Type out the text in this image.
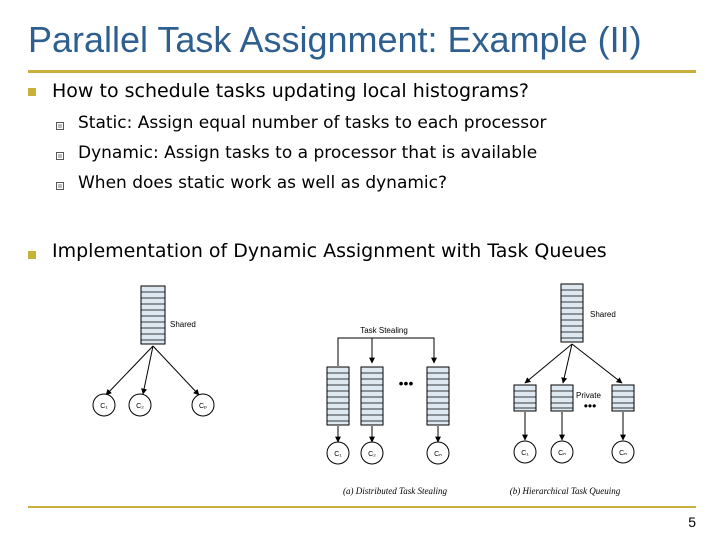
Parallel Task Assignment: Example (II)
How to schedule tasks updating local histograms?
Static: Assign equal number of tasks to each processor
Dynamic: Assign tasks to a processor that is available
When does static work as well as dynamic?
Implementation of Dynamic Assignment with Task Queues
Shared
C₁	C₂	Cₚ
Task Stealing
•••
C₁	C₂	Cₙ
(a) Distributed Task Stealing
Shared
Private
•••
C₁	Cₙ	Cₙ
(b) Hierarchical Task Queuing
5
